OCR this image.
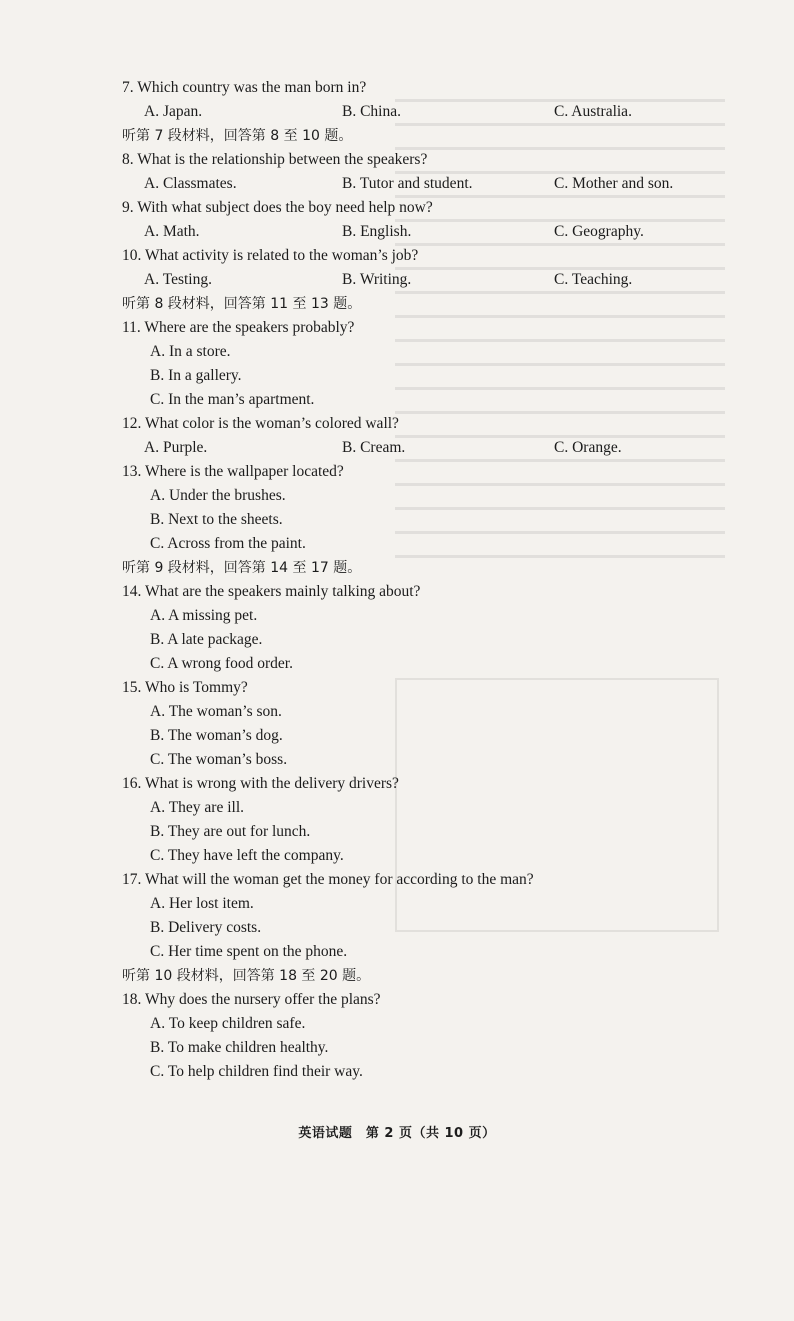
7. Which country was the man born in?
A. Japan.	B. China.	C. Australia.
听第 7 段材料，回答第 8 至 10 题。
8. What is the relationship between the speakers?
A. Classmates.	B. Tutor and student.	C. Mother and son.
9. With what subject does the boy need help now?
A. Math.	B. English.	C. Geography.
10. What activity is related to the woman’s job?
A. Testing.	B. Writing.	C. Teaching.
听第 8 段材料，回答第 11 至 13 题。
11. Where are the speakers probably?
A. In a store.
B. In a gallery.
C. In the man’s apartment.
12. What color is the woman’s colored wall?
A. Purple.	B. Cream.	C. Orange.
13. Where is the wallpaper located?
A. Under the brushes.
B. Next to the sheets.
C. Across from the paint.
听第 9 段材料，回答第 14 至 17 题。
14. What are the speakers mainly talking about?
A. A missing pet.
B. A late package.
C. A wrong food order.
15. Who is Tommy?
A. The woman’s son.
B. The woman’s dog.
C. The woman’s boss.
16. What is wrong with the delivery drivers?
A. They are ill.
B. They are out for lunch.
C. They have left the company.
17. What will the woman get the money for according to the man?
A. Her lost item.
B. Delivery costs.
C. Her time spent on the phone.
听第 10 段材料，回答第 18 至 20 题。
18. Why does the nursery offer the plans?
A. To keep children safe.
B. To make children healthy.
C. To help children find their way.
英语试题　第 2 页（共 10 页）
